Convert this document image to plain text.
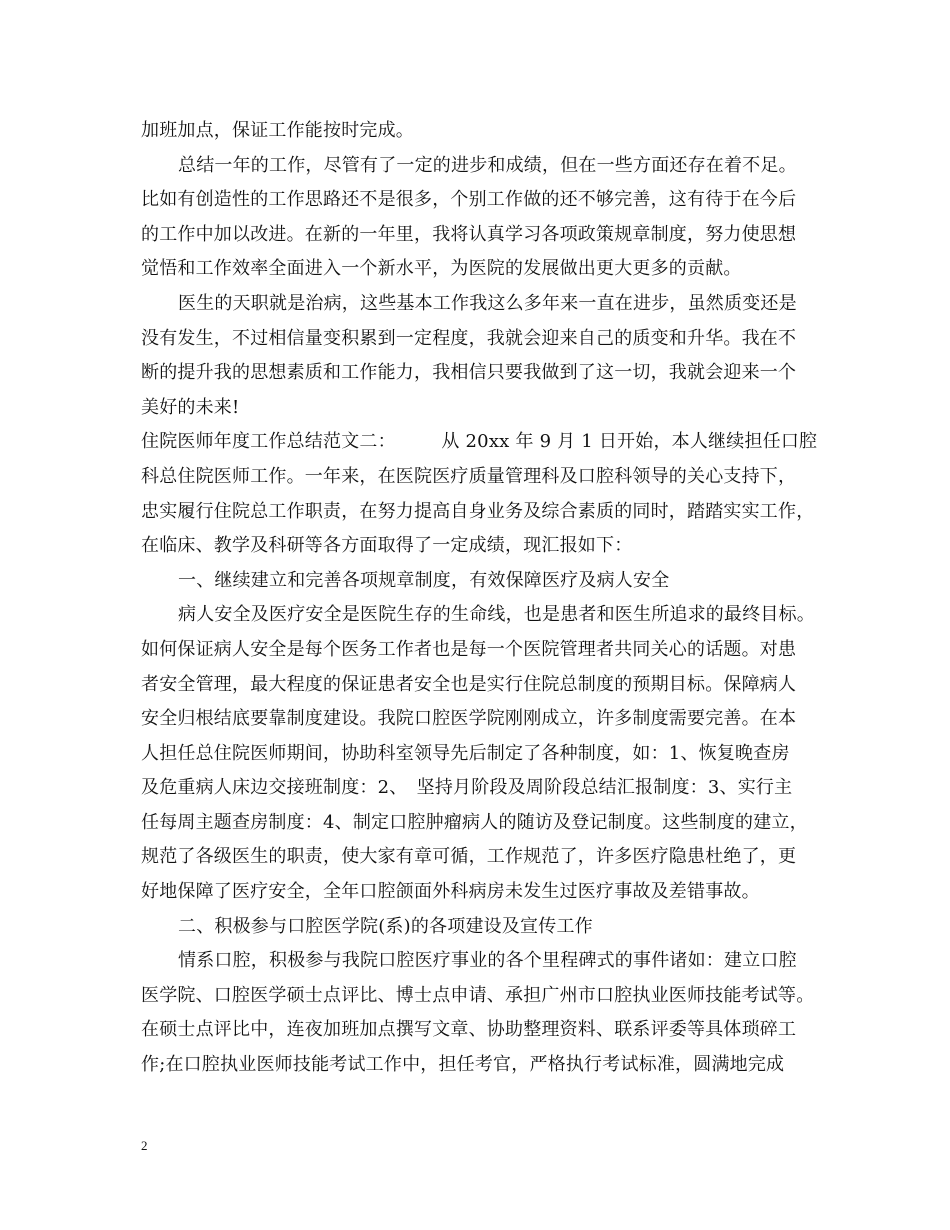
加班加点，保证工作能按时完成。
总结一年的工作，尽管有了一定的进步和成绩，但在一些方面还存在着不足。
比如有创造性的工作思路还不是很多，个别工作做的还不够完善，这有待于在今后
的工作中加以改进。在新的一年里，我将认真学习各项政策规章制度，努力使思想
觉悟和工作效率全面进入一个新水平，为医院的发展做出更大更多的贡献。
医生的天职就是治病，这些基本工作我这么多年来一直在进步，虽然质变还是
没有发生，不过相信量变积累到一定程度，我就会迎来自己的质变和升华。我在不
断的提升我的思想素质和工作能力，我相信只要我做到了这一切，我就会迎来一个
美好的未来!
住院医师年度工作总结范文二：　　　从 20xx 年 9 月 1 日开始，本人继续担任口腔
科总住院医师工作。一年来，在医院医疗质量管理科及口腔科领导的关心支持下，
忠实履行住院总工作职责，在努力提高自身业务及综合素质的同时，踏踏实实工作，
在临床、教学及科研等各方面取得了一定成绩，现汇报如下：
一、继续建立和完善各项规章制度，有效保障医疗及病人安全
病人安全及医疗安全是医院生存的生命线，也是患者和医生所追求的最终目标。
如何保证病人安全是每个医务工作者也是每一个医院管理者共同关心的话题。对患
者安全管理，最大程度的保证患者安全也是实行住院总制度的预期目标。保障病人
安全归根结底要靠制度建设。我院口腔医学院刚刚成立，许多制度需要完善。在本
人担任总住院医师期间，协助科室领导先后制定了各种制度，如：1、恢复晚查房
及危重病人床边交接班制度：2、　坚持月阶段及周阶段总结汇报制度：3、实行主
任每周主题查房制度：4、制定口腔肿瘤病人的随访及登记制度。这些制度的建立，
规范了各级医生的职责，使大家有章可循，工作规范了，许多医疗隐患杜绝了，更
好地保障了医疗安全，全年口腔颌面外科病房未发生过医疗事故及差错事故。
二、积极参与口腔医学院(系)的各项建设及宣传工作
情系口腔，积极参与我院口腔医疗事业的各个里程碑式的事件诸如：建立口腔
医学院、口腔医学硕士点评比、博士点申请、承担广州市口腔执业医师技能考试等。
在硕士点评比中，连夜加班加点撰写文章、协助整理资料、联系评委等具体琐碎工
作;在口腔执业医师技能考试工作中，担任考官，严格执行考试标准，圆满地完成
2
